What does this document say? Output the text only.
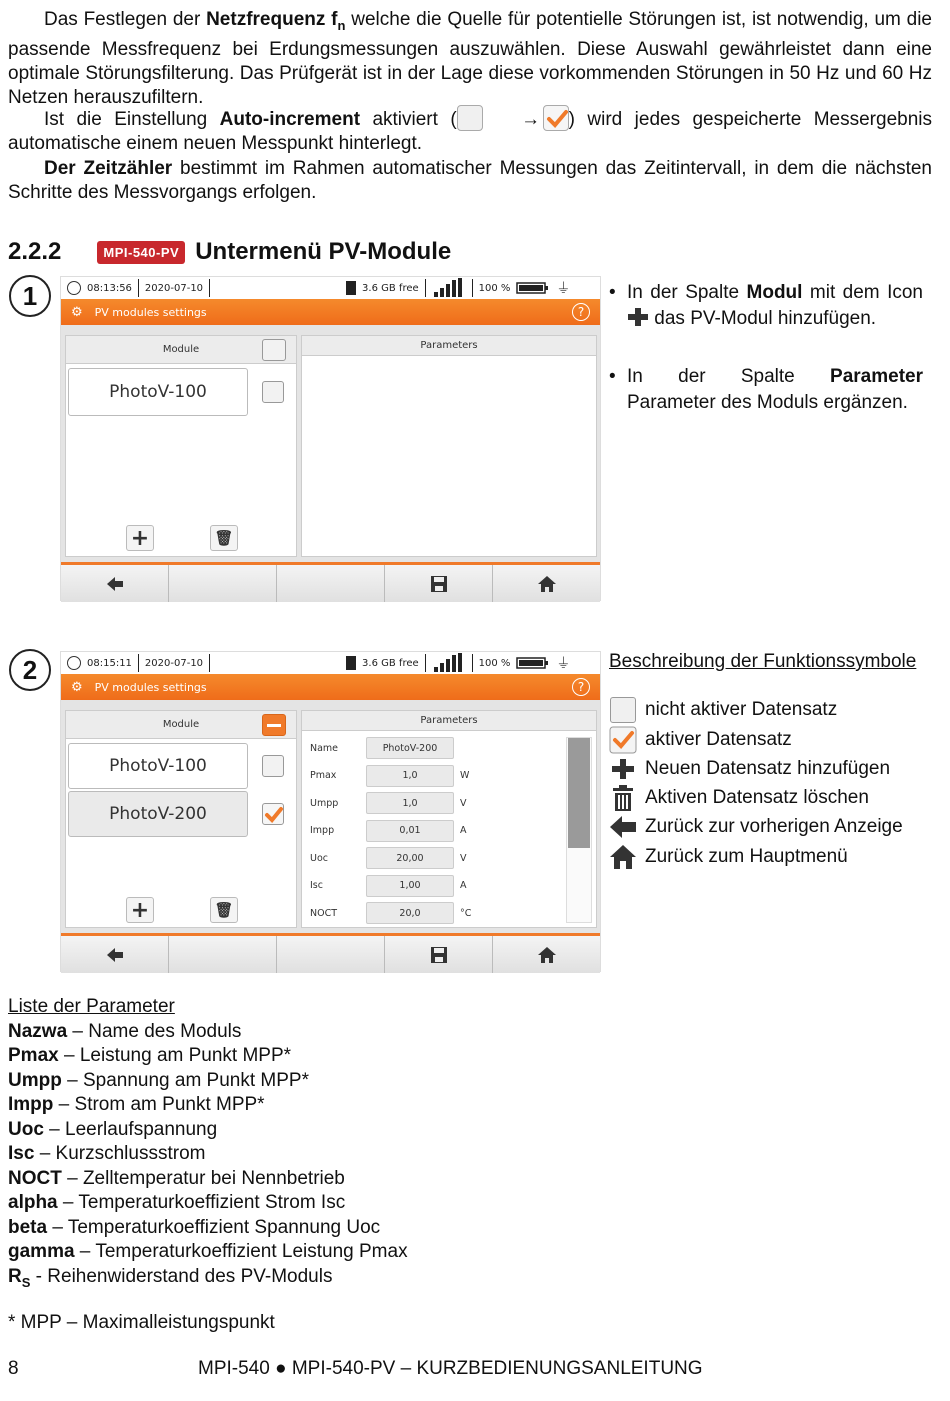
Das Festlegen der Netzfrequenz $f_n$ welche die Quelle für potentielle Störungen ist, ist notwendig, um die passende Messfrequenz bei Erdungsmessungen auszuwählen. Diese Auswahl gewährleistet dann eine optimale Störungsfilterung. Das Prüfgerät ist in der Lage diese vorkommenden Störungen in 50 Hz und 60 Hz Netzen herauszufiltern.
Ist die Einstellung Auto-increment aktiviert (	→ ) wird jedes gespeicherte Messergebnis automatische einem neuen Messpunkt hinterlegt.
Der Zeitzähler bestimmt im Rahmen automatischer Messungen das Zeitintervall, in dem die nächsten Schritte des Messvorgangs erfolgen.
2.2.2	MPI-540-PV Untermenü PV-Module
1	08:13:56 2020-07-10	3.6 GB free	100 %	⏚
⚙ PV modules settings	?
Module
PhotoV-100
+	🗑
Parameters
• In der Spalte Modul mit dem Icon  das PV-Modul hinzufügen.
• In der Spalte Parameter Parameter des Moduls ergänzen.
2	08:15:11 2020-07-10	3.6 GB free	100 %	⏚
⚙ PV modules settings	?
Module
PhotoV-100
PhotoV-200
+	🗑
Parameters
Name	PhotoV-200
Pmax	1,0	W
Umpp	1,0	V
Impp	0,01	A
Uoc	20,00	V
Isc	1,00	A
NOCT	20,0	°C
Beschreibung der Funktionssymbole
nicht aktiver Datensatz
aktiver Datensatz
Neuen Datensatz hinzufügen
Aktiven Datensatz löschen
Zurück zur vorherigen Anzeige
Zurück zum Hauptmenü
Liste der Parameter
Nazwa – Name des Moduls
Pmax – Leistung am Punkt MPP*
Umpp – Spannung am Punkt MPP*
Impp – Strom am Punkt MPP*
Uoc – Leerlaufspannung
Isc – Kurzschlussstrom
NOCT – Zelltemperatur bei Nennbetrieb
alpha – Temperaturkoeffizient Strom Isc
beta – Temperaturkoeffizient Spannung Uoc
gamma – Temperaturkoeffizient Leistung Pmax
$R_S$ - Reihenwiderstand des PV-Moduls
* MPP – Maximalleistungspunkt
8	MPI-540 ● MPI-540-PV – KURZBEDIENUNGSANLEITUNG
